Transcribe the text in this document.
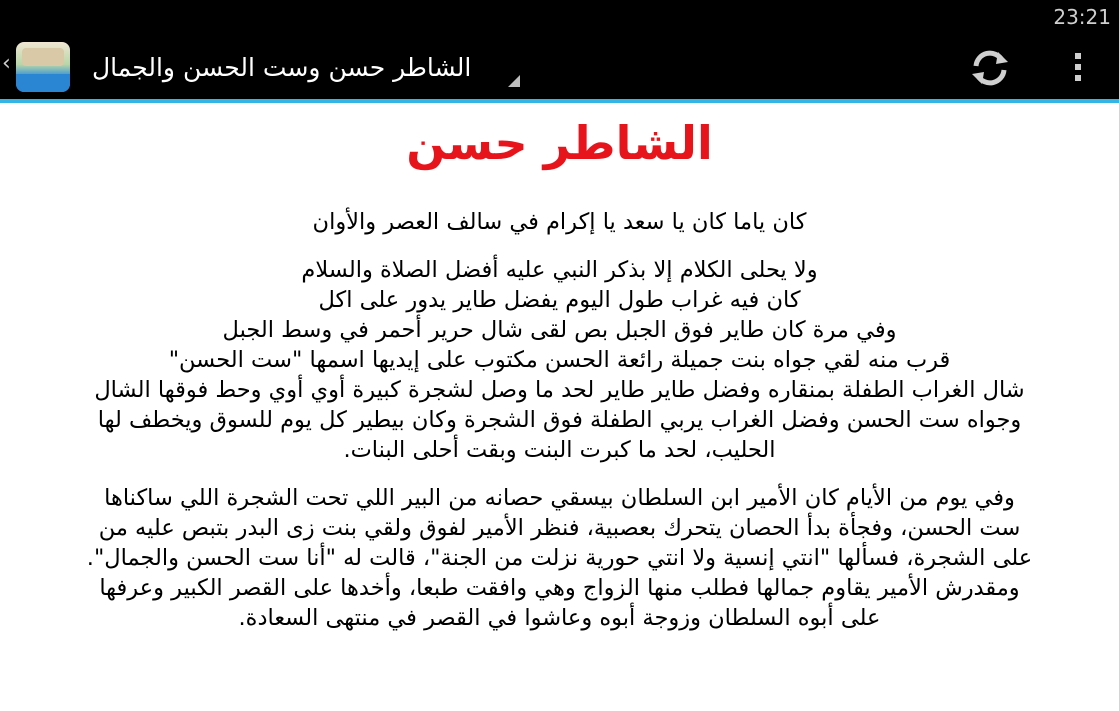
23:21
‹	الشاطر حسن وست الحسن والجمال
الشاطر حسن

كان ياما كان يا سعد يا إكرام في سالف العصر والأوان

ولا يحلى الكلام إلا بذكر النبي عليه أفضل الصلاة والسلام

كان فيه غراب طول اليوم يفضل طاير يدور على اكل

وفي مرة كان طاير فوق الجبل بص لقى شال حرير أحمر في وسط الجبل

قرب منه لقي جواه بنت جميلة رائعة الحسن مكتوب على إيديها اسمها "ست الحسن"

شال الغراب الطفلة بمنقاره وفضل طاير طاير لحد ما وصل لشجرة كبيرة أوي أوي وحط فوقها الشال

وجواه ست الحسن وفضل الغراب يربي الطفلة فوق الشجرة وكان بيطير كل يوم للسوق ويخطف لها

الحليب، لحد ما كبرت البنت وبقت أحلى البنات.

وفي يوم من الأيام كان الأمير ابن السلطان بيسقي حصانه من البير اللي تحت الشجرة اللي ساكناها

ست الحسن، وفجأة بدأ الحصان يتحرك بعصبية، فنظر الأمير لفوق ولقي بنت زى البدر بتبص عليه من

على الشجرة، فسألها "انتي إنسية ولا انتي حورية نزلت من الجنة"، قالت له "أنا ست الحسن والجمال".

ومقدرش الأمير يقاوم جمالها فطلب منها الزواج وهي وافقت طبعا، وأخدها على القصر الكبير وعرفها

على أبوه السلطان وزوجة أبوه وعاشوا في القصر في منتهى السعادة.
